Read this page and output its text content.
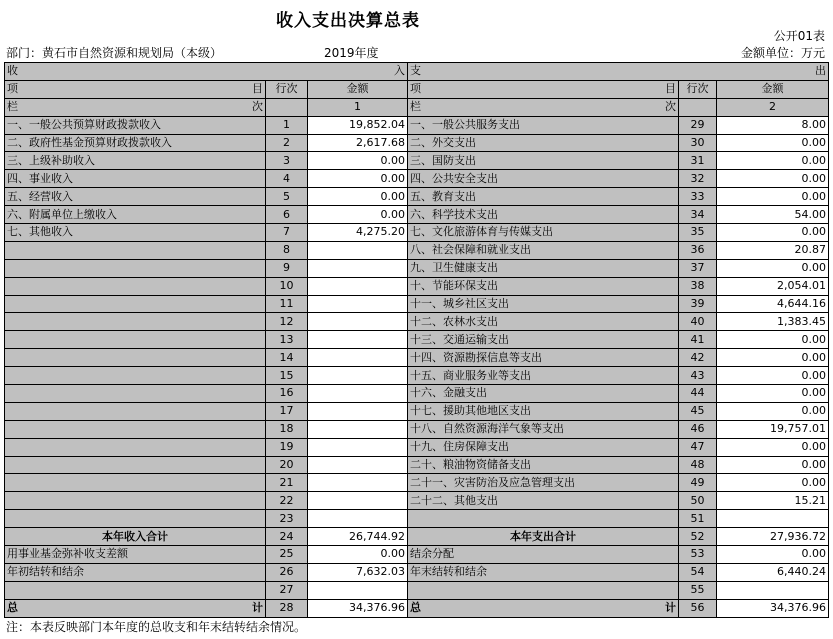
收入支出决算总表
公开01表
部门：黄石市自然资源和规划局（本级）	2019年度	金额单位：万元
收 入			支 出		

项 目	行次	金额	项 目	行次	金额

栏 次		1	栏 次		2
一、一般公共预算财政拨款收入	1	19,852.04	一、一般公共服务支出	29	8.00
二、政府性基金预算财政拨款收入	2	2,617.68	二、外交支出	30	0.00
三、上级补助收入	3	0.00	三、国防支出	31	0.00
四、事业收入	4	0.00	四、公共安全支出	32	0.00
五、经营收入	5	0.00	五、教育支出	33	0.00
六、附属单位上缴收入	6	0.00	六、科学技术支出	34	54.00
七、其他收入	7	4,275.20	七、文化旅游体育与传媒支出	35	0.00
	8		八、社会保障和就业支出	36	20.87
	9		九、卫生健康支出	37	0.00
	10		十、节能环保支出	38	2,054.01
	11		十一、城乡社区支出	39	4,644.16
	12		十二、农林水支出	40	1,383.45
	13		十三、交通运输支出	41	0.00
	14		十四、资源勘探信息等支出	42	0.00
	15		十五、商业服务业等支出	43	0.00
	16		十六、金融支出	44	0.00
	17		十七、援助其他地区支出	45	0.00
	18		十八、自然资源海洋气象等支出	46	19,757.01
	19		十九、住房保障支出	47	0.00
	20		二十、粮油物资储备支出	48	0.00
	21		二十一、灾害防治及应急管理支出	49	0.00
	22		二十二、其他支出	50	15.21
	23			51	
本年收入合计	24	26,744.92	本年支出合计	52	27,936.72
用事业基金弥补收支差额	25	0.00	结余分配	53	0.00
年初结转和结余	26	7,632.03	年末结转和结余	54	6,440.24
	27			55	

总 计	28	34,376.96	总 计	56	34,376.96
注：本表反映部门本年度的总收支和年末结转结余情况。
